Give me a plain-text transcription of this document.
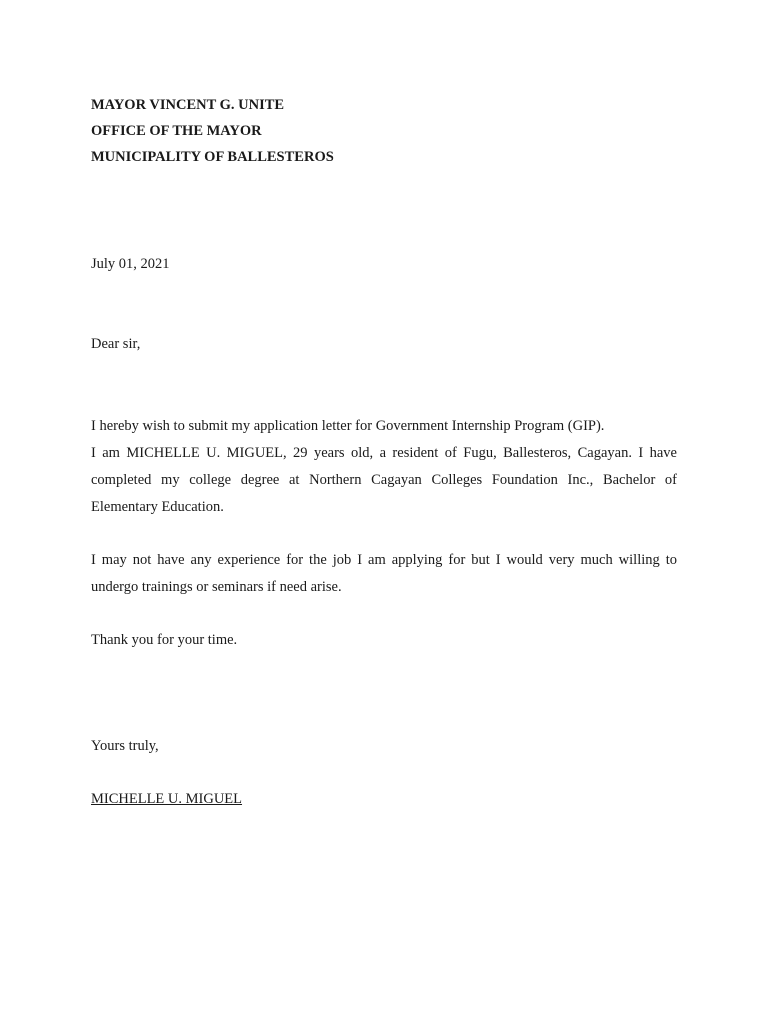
MAYOR VINCENT G. UNITE
OFFICE OF THE MAYOR
MUNICIPALITY OF BALLESTEROS
July 01, 2021
Dear sir,

I hereby wish to submit my application letter for Government Internship Program (GIP).

I am MICHELLE U. MIGUEL, 29 years old, a resident of Fugu, Ballesteros, Cagayan. I have completed my college degree at Northern Cagayan Colleges Foundation Inc., Bachelor of Elementary Education.

I may not have any experience for the job I am applying for but I would very much willing to undergo trainings or seminars if need arise.

Thank you for your time.

Yours truly,
MICHELLE U. MIGUEL
